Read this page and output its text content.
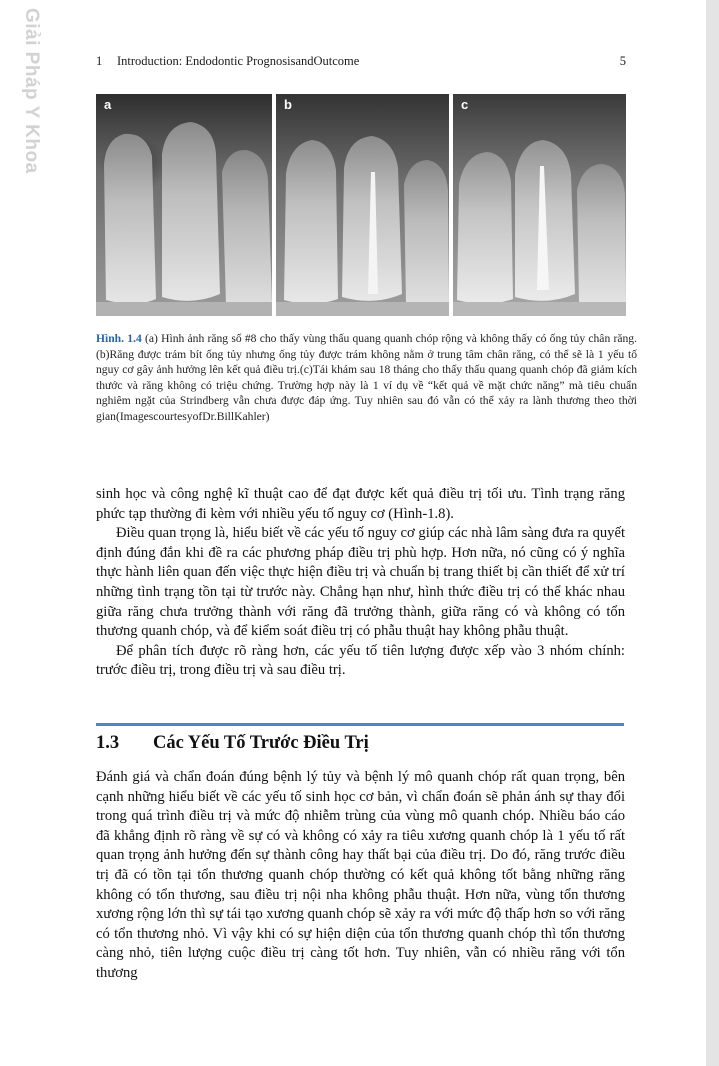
Giải Pháp Y Khoa	1 Introduction: Endodontic PrognosisandOutcome	5
a	b	c
Hình. 1.4 (a) Hình ảnh răng số #8 cho thấy vùng thấu quang quanh chóp rộng và không thấy có ống tủy chân răng.(b)Răng được trám bít ống tủy nhưng ống tủy được trám không nằm ở trung tâm chân răng, có thể sẽ là 1 yếu tố nguy cơ gây ảnh hưởng lên kết quả điều trị.(c)Tái khám sau 18 tháng cho thấy thấu quang quanh chóp đã giảm kích thước và răng không có triệu chứng. Trường hợp này là 1 ví dụ về “kết quả về mặt chức năng” mà tiêu chuẩn nghiêm ngặt của Strindberg vẫn chưa được đáp ứng. Tuy nhiên sau đó vẫn có thể xảy ra lành thương theo thời gian(ImagescourtesyofDr.BillKahler)

sinh học và công nghệ kĩ thuật cao để đạt được kết quả điều trị tối ưu. Tình trạng răng phức tạp thường đi kèm với nhiều yếu tố nguy cơ (Hình-1.8).

Điều quan trọng là, hiểu biết về các yếu tố nguy cơ giúp các nhà lâm sàng đưa ra quyết định đúng đắn khi đề ra các phương pháp điều trị phù hợp. Hơn nữa, nó cũng có ý nghĩa thực hành liên quan đến việc thực hiện điều trị và chuẩn bị trang thiết bị cần thiết để xử trí những tình trạng tồn tại từ trước này. Chẳng hạn như, hình thức điều trị có thể khác nhau giữa răng chưa trưởng thành với răng đã trưởng thành, giữa răng có và không có tổn thương quanh chóp, và để kiểm soát điều trị có phẫu thuật hay không phẫu thuật.

Để phân tích được rõ ràng hơn, các yếu tố tiên lượng được xếp vào 3 nhóm chính: trước điều trị, trong điều trị và sau điều trị.

1.3 Các Yếu Tố Trước Điều Trị

Đánh giá và chẩn đoán đúng bệnh lý tủy và bệnh lý mô quanh chóp rất quan trọng, bên cạnh những hiểu biết về các yếu tố sinh học cơ bản, vì chẩn đoán sẽ phản ánh sự thay đổi trong quá trình điều trị và mức độ nhiễm trùng của vùng mô quanh chóp. Nhiều báo cáo đã khẳng định rõ ràng về sự có và không có xảy ra tiêu xương quanh chóp là 1 yếu tố rất quan trọng ảnh hưởng đến sự thành công hay thất bại của điều trị. Do đó, răng trước điều trị đã có tồn tại tổn thương quanh chóp thường có kết quả không tốt bằng những răng không có tổn thương, sau điều trị nội nha không phẫu thuật. Hơn nữa, vùng tổn thương xương rộng lớn thì sự tái tạo xương quanh chóp sẽ xảy ra với mức độ thấp hơn so với răng có tổn thương nhỏ. Vì vậy khi có sự hiện diện của tổn thương quanh chóp thì tổn thương càng nhỏ, tiên lượng cuộc điều trị càng tốt hơn. Tuy nhiên, vẫn có nhiều răng với tổn thương
